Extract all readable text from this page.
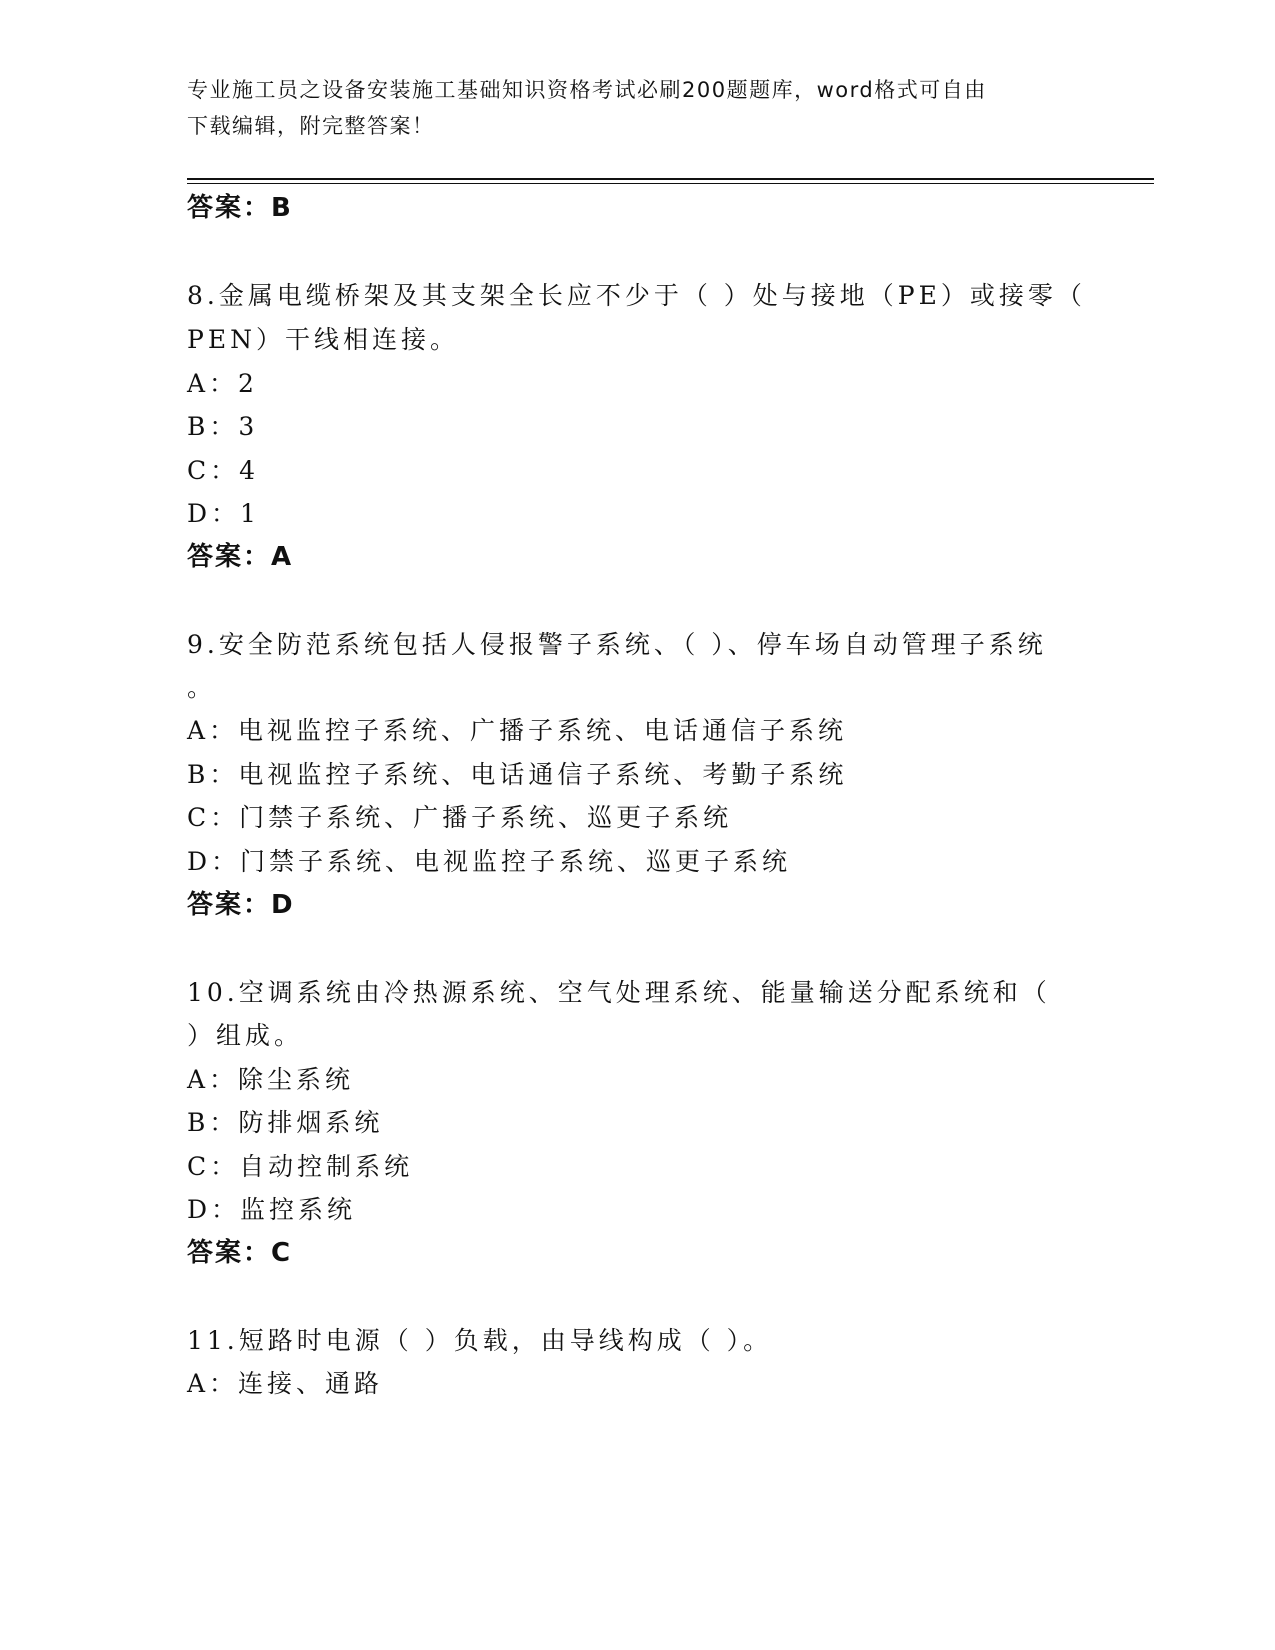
专业施工员之设备安装施工基础知识资格考试必刷200题题库，word格式可自由
下载编辑，附完整答案！
答案：B
8.金属电缆桥架及其支架全长应不少于（ ）处与接地（PE）或接零（
PEN）干线相连接。
A：2
B：3
C：4
D：1
答案：A
9.安全防范系统包括人侵报警子系统、（ ）、停车场自动管理子系统
。
A：电视监控子系统、广播子系统、电话通信子系统
B：电视监控子系统、电话通信子系统、考勤子系统
C：门禁子系统、广播子系统、巡更子系统
D：门禁子系统、电视监控子系统、巡更子系统
答案：D
10.空调系统由冷热源系统、空气处理系统、能量输送分配系统和（
）组成。
A：除尘系统
B：防排烟系统
C：自动控制系统
D：监控系统
答案：C
11.短路时电源（ ）负载，由导线构成（ ）。
A：连接、通路
